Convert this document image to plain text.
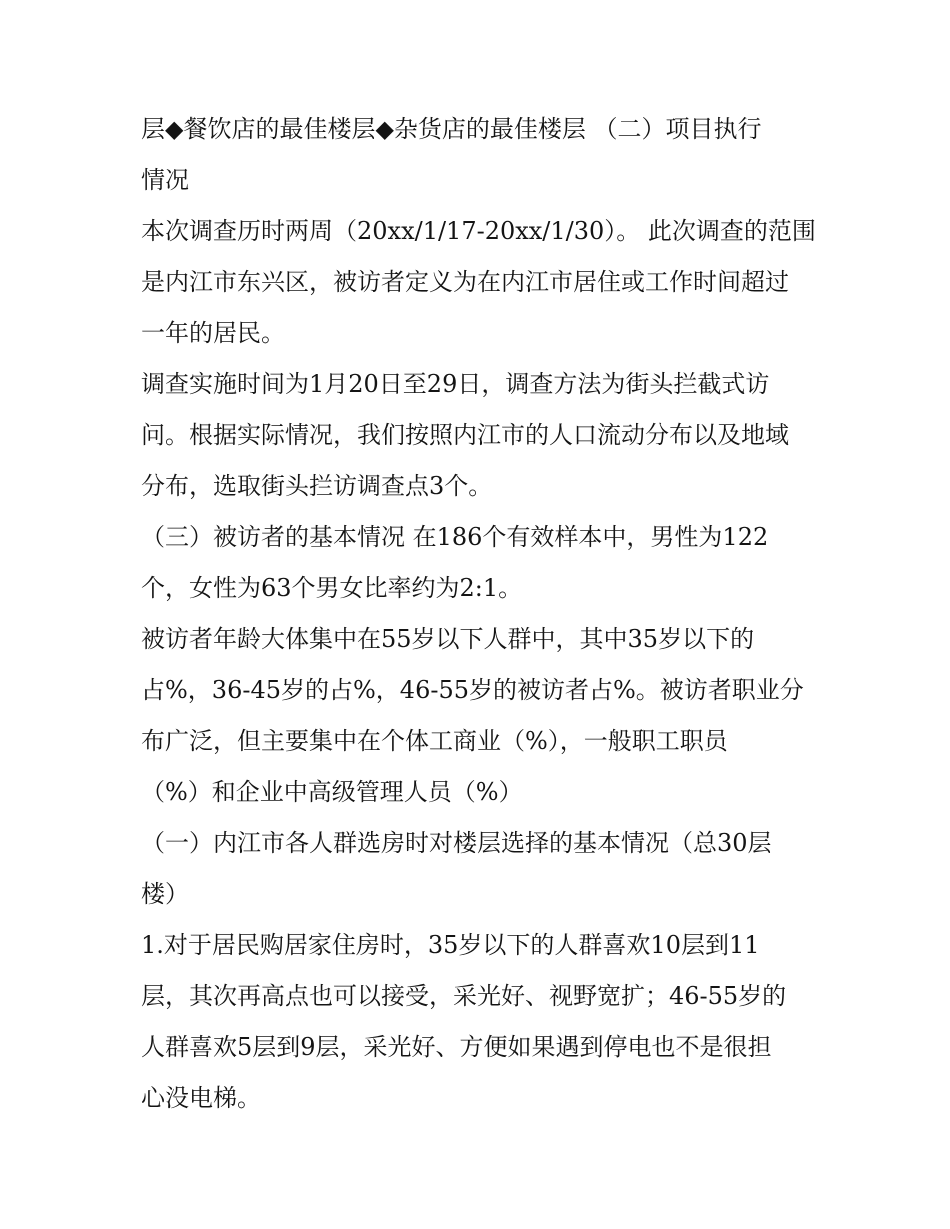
层◆餐饮店的最佳楼层◆杂货店的最佳楼层 （二）项目执行
情况
本次调查历时两周（20xx/1/17-20xx/1/30）。 此次调查的范围
是内江市东兴区，被访者定义为在内江市居住或工作时间超过
一年的居民。
调查实施时间为1月20日至29日，调查方法为街头拦截式访
问。根据实际情况，我们按照内江市的人口流动分布以及地域
分布，选取街头拦访调查点3个。
（三）被访者的基本情况 在186个有效样本中，男性为122
个，女性为63个男女比率约为2:1。
被访者年龄大体集中在55岁以下人群中，其中35岁以下的
占%，36-45岁的占%，46-55岁的被访者占%。被访者职业分
布广泛，但主要集中在个体工商业（%），一般职工职员
（%）和企业中高级管理人员（%）
（一）内江市各人群选房时对楼层选择的基本情况（总30层
楼）
1.对于居民购居家住房时，35岁以下的人群喜欢10层到11
层，其次再高点也可以接受，采光好、视野宽扩；46-55岁的
人群喜欢5层到9层，采光好、方便如果遇到停电也不是很担
心没电梯。
